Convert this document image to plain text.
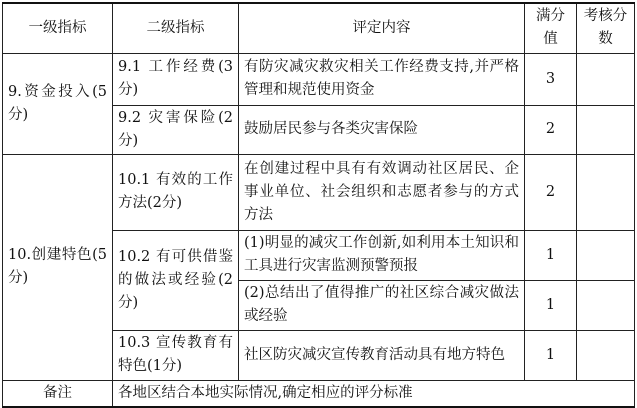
一级指标	二级指标	评定内容	满分值	考核分数
9.资金投入(5分)	9.1 工作经费(3分)	有防灾减灾救灾相关工作经费支持,并严格管理和规范使用资金	3	
	9.2 灾害保险(2分)	鼓励居民参与各类灾害保险	2	
10.创建特色(5分)	10.1 有效的工作方法(2分)	在创建过程中具有有效调动社区居民、企事业单位、社会组织和志愿者参与的方式方法	2	
	10.2 有可供借鉴的做法或经验(2分)	(1)明显的减灾工作创新,如利用本土知识和工具进行灾害监测预警预报	1	
		(2)总结出了值得推广的社区综合减灾做法或经验	1	
	10.3 宣传教育有特色(1分)	社区防灾减灾宣传教育活动具有地方特色	1	
备注	各地区结合本地实际情况,确定相应的评分标准			
